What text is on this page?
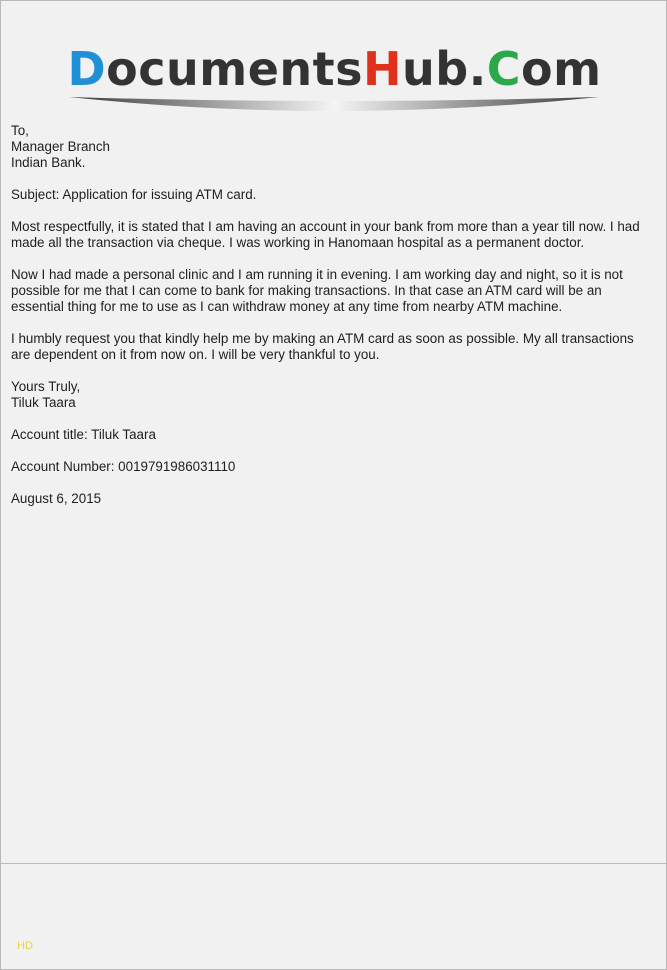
DocumentsHub.Com

To,
Manager Branch
Indian Bank.

Subject: Application for issuing ATM card.

Most respectfully, it is stated that I am having an account in your bank from more than a year till now. I had made all the transaction via cheque. I was working in Hanomaan hospital as a permanent doctor.

Now I had made a personal clinic and I am running it in evening. I am working day and night, so it is not possible for me that I can come to bank for making transactions. In that case an ATM card will be an essential thing for me to use as I can withdraw money at any time from nearby ATM machine.

I humbly request you that kindly help me by making an ATM card as soon as possible. My all transactions are dependent on it from now on. I will be very thankful to you.

Yours Truly,
Tiluk Taara

Account title: Tiluk Taara

Account Number: 0019791986031110

August 6, 2015

HD
